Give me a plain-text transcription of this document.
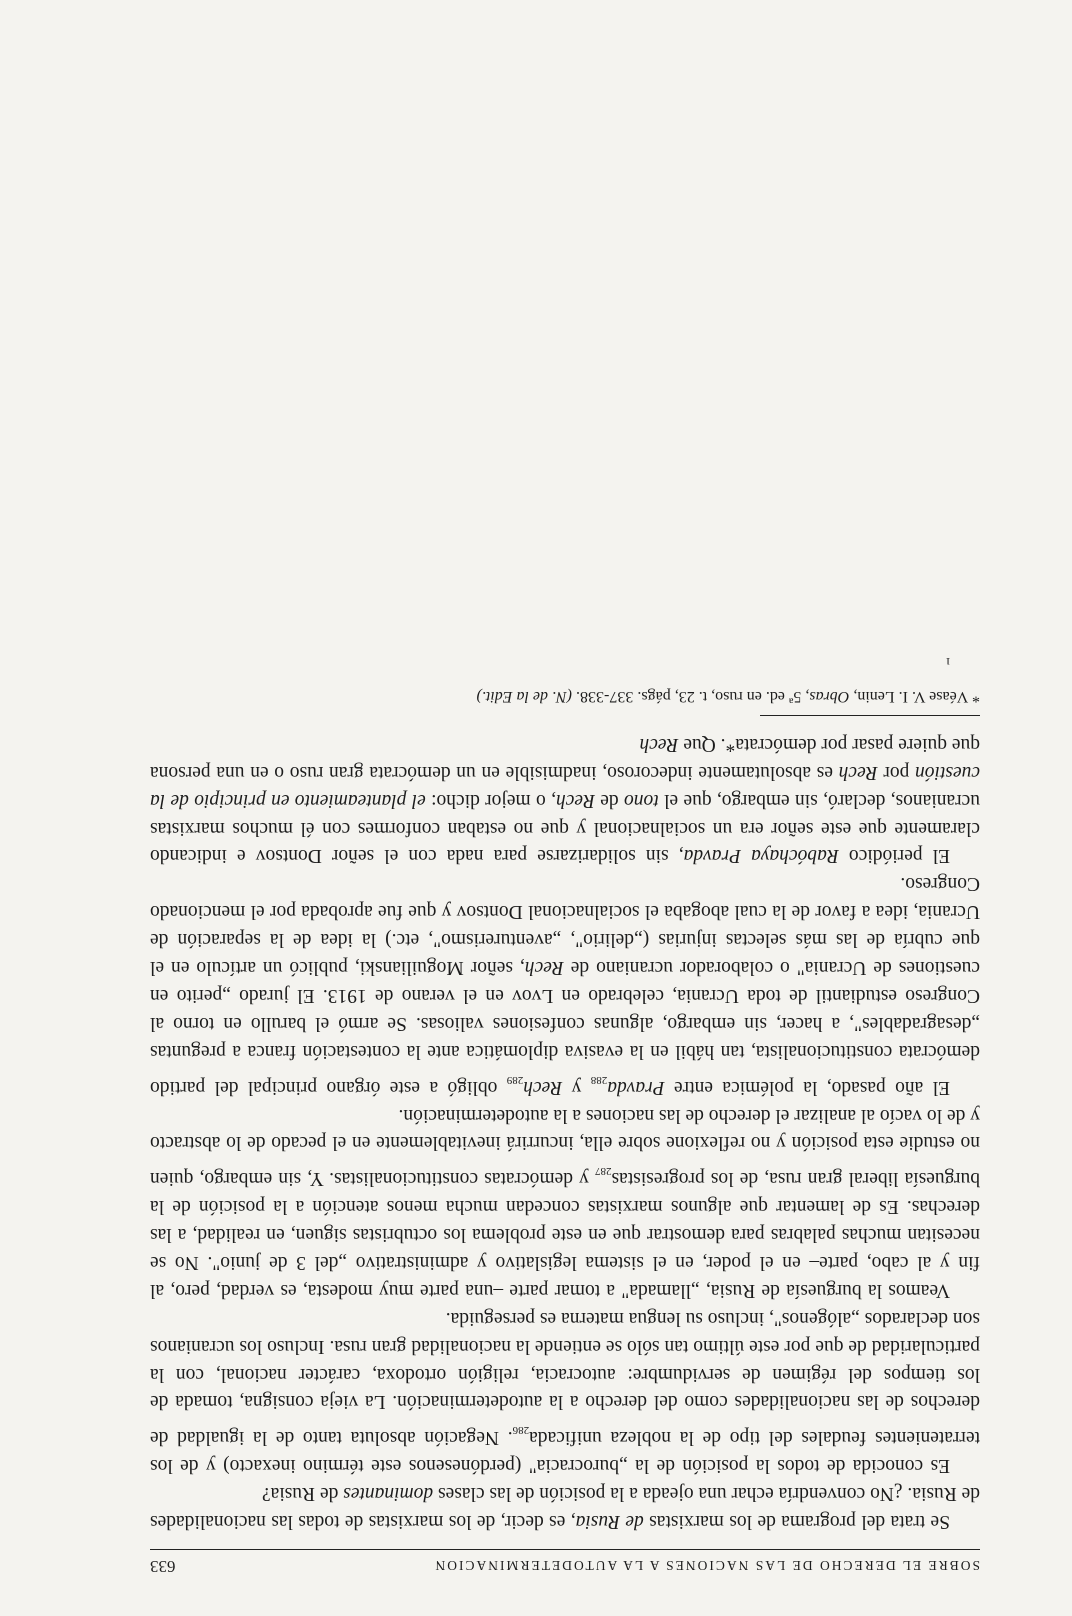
ı
SOBRE EL DERECHO DE LAS NACIONES A LA AUTODETERMINACION
633

Se trata del programa de los marxistas de Rusia, es decir, de los marxistas de todas las nacionalidades de Rusia. ¿No convendría echar una ojeada a la posición de las clases dominantes de Rusia?

Es conocida de todos la posición de la „burocracia" (perdónesenos este término inexacto) y de los terratenientes feudales del tipo de la nobleza unificada$_{286}$. Negación absoluta tanto de la igualdad de derechos de las nacionalidades como del derecho a la autodeterminación. La vieja consigna, tomada de los tiempos del régimen de servidumbre: autocracia, religión ortodoxa, carácter nacional, con la particularidad de que por este último tan sólo se entiende la nacionalidad gran rusa. Incluso los ucranianos son declarados „alógenos", incluso su lengua materna es perseguida.

Veamos la burguesía de Rusia, „llamada" a tomar parte –una parte muy modesta, es verdad, pero, al fin y al cabo, parte– en el poder, en el sistema legislativo y administrativo „del 3 de junio". No se necesitan muchas palabras para demostrar que en este problema los octubristas siguen, en realidad, a las derechas. Es de lamentar que algunos marxistas concedan mucha menos atención a la posición de la burguesía liberal gran rusa, de los progresistas$_{287}$ y demócratas constitucionalistas. Y, sin embargo, quien no estudie esta posición y no reflexione sobre ella, incurrirá inevitablemente en el pecado de lo abstracto y de lo vacío al analizar el derecho de las naciones a la autodeterminación.

El año pasado, la polémica entre Pravda$_{288}$ y Rech$_{289}$ obligó a este órgano principal del partido demócrata constitucionalista, tan hábil en la evasiva diplomática ante la contestación franca a preguntas „desagradables", a hacer, sin embargo, algunas confesiones valiosas. Se armó el barullo en torno al Congreso estudiantil de toda Ucrania, celebrado en Lvov en el verano de 1913. El jurado „perito en cuestiones de Ucrania" o colaborador ucraniano de Rech, señor Moguilianski, publicó un artículo en el que cubría de las más selectas injurias („delirio", „aventurerismo", etc.) la idea de la separación de Ucrania, idea a favor de la cual abogaba el socialnacional Dontsov y que fue aprobada por el mencionado Congreso.

El periódico Rabóchaya Pravda, sin solidarizarse para nada con el señor Dontsov e indicando claramente que este señor era un socialnacional y que no estaban conformes con él muchos marxistas ucranianos, declaró, sin embargo, que el tono de Rech, o mejor dicho: el planteamiento en principio de la cuestión por Rech es absolutamente indecoroso, inadmisible en un demócrata gran ruso o en una persona que quiere pasar por demócrata*. Que Rech

* Véase V. I. Lenin, Obras, 5ª ed. en ruso, t. 23, págs. 337-338. (N. de la Edit.)
